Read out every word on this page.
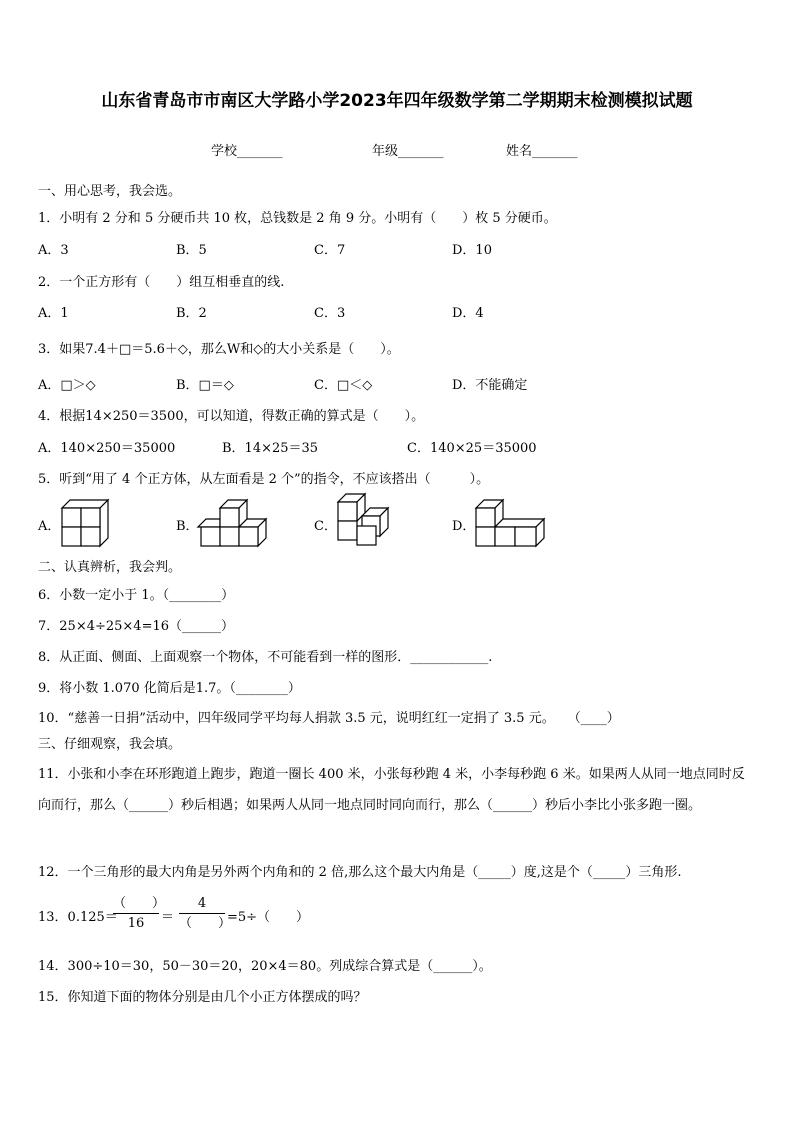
山东省青岛市市南区大学路小学2023年四年级数学第二学期期末检测模拟试题
学校_______	年级_______	姓名_______
一、用心思考，我会选。
1．小明有 2 分和 5 分硬币共 10 枚，总钱数是 2 角 9 分。小明有（　　）枚 5 分硬币。
A．3	B．5	C．7	D．10
2．一个正方形有（　　）组互相垂直的线.
A．1	B．2	C．3	D．4
3．如果7.4＋□＝5.6＋◇，那么W和◇的大小关系是（　　）。
A．□＞◇	B．□＝◇	C．□＜◇	D．不能确定
4．根据14×250＝3500，可以知道，得数正确的算式是（　　）。
A．140×250＝35000	B．14×25＝35	C．140×25＝35000
5．听到“用了 4 个正方体，从左面看是 2 个”的指令，不应该搭出（　　　）。
A．	B．	C．	D．
二、认真辨析，我会判。
6．小数一定小于 1。（________）
7．25×4÷25×4=16（______）
8．从正面、侧面、上面观察一个物体，不可能看到一样的图形．____________.
9．将小数 1.070 化简后是1.7。（________）
10．“慈善一日捐”活动中，四年级同学平均每人捐款 3.5 元，说明红红一定捐了 3.5 元。　　（____）
三、仔细观察，我会填。
11．小张和小李在环形跑道上跑步，跑道一圈长 400 米，小张每秒跑 4 米，小李每秒跑 6 米。如果两人从同一地点同时反向而行，那么（______）秒后相遇；如果两人从同一地点同时同向而行，那么（______）秒后小李比小张多跑一圈。
12．一个三角形的最大内角是另外两个内角和的 2 倍,那么这个最大内角是（_____）度,这是个（_____）三角形.
13．0.125＝
（　　）
16	＝
4
（　　）
=5÷（　　）
14．300÷10＝30，50－30＝20，20×4＝80。列成综合算式是（______）。
15．你知道下面的物体分别是由几个小正方体摆成的吗？
